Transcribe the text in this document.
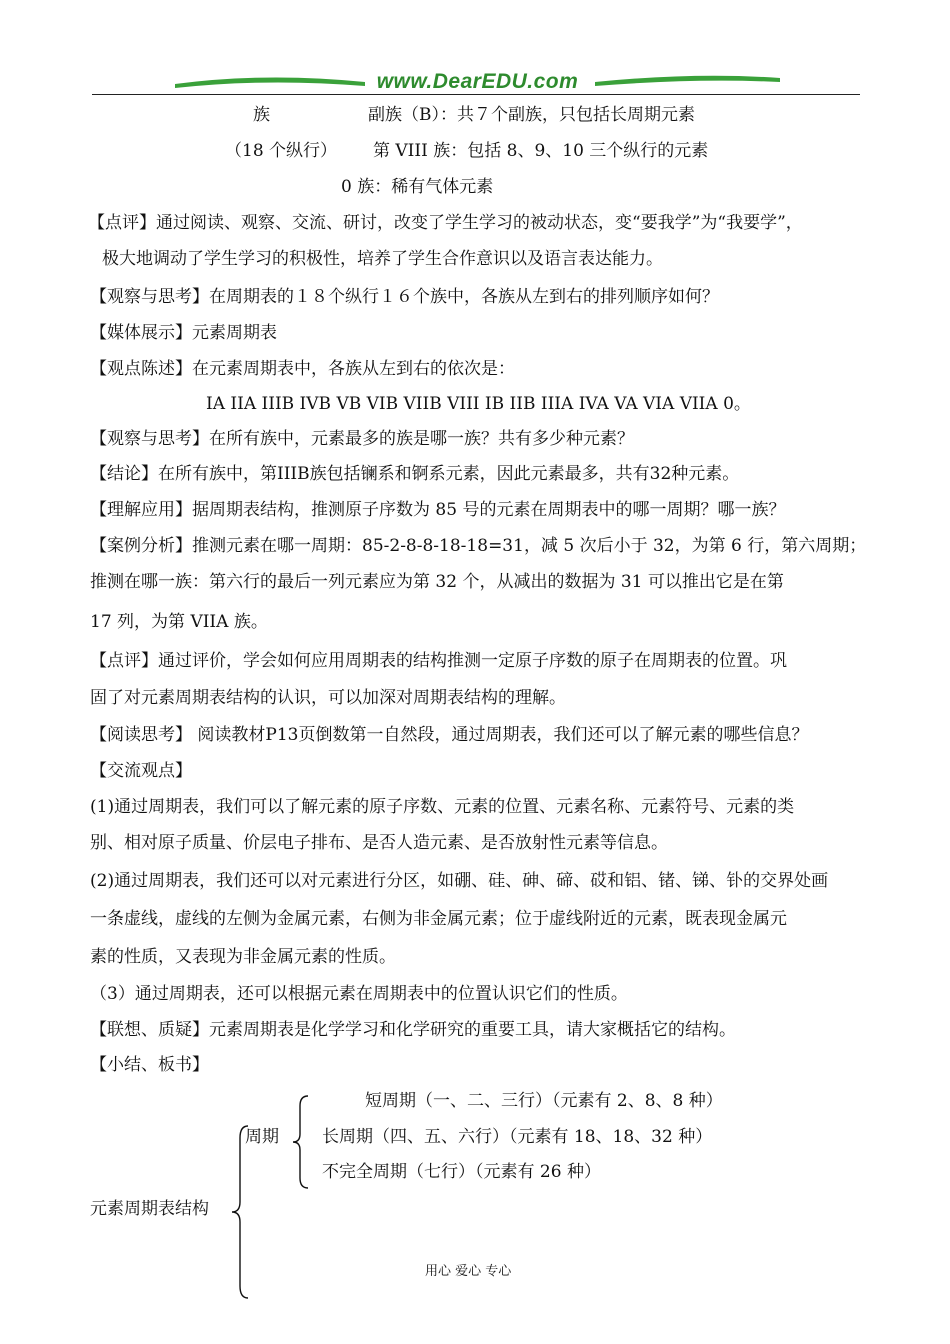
www.DearEDU.com
族	副族（B）：共７个副族，只包括长周期元素
（18 个纵行） 第 VIII 族：包括 8、9、10 三个纵行的元素
0 族：稀有气体元素
【点评】通过阅读、观察、交流、研讨，改变了学生学习的被动状态，变“要我学”为“我要学”，
极大地调动了学生学习的积极性，培养了学生合作意识以及语言表达能力。
【观察与思考】在周期表的１８个纵行１６个族中，各族从左到右的排列顺序如何？
【媒体展示】元素周期表
【观点陈述】在元素周期表中，各族从左到右的依次是：
IA IIA IIIB IVB VB VIB VIIB VIII IB IIB IIIA IVA VA VIA VIIA 0。
【观察与思考】在所有族中，元素最多的族是哪一族？共有多少种元素？
【结论】在所有族中，第IIIB族包括镧系和锕系元素，因此元素最多，共有32种元素。
【理解应用】据周期表结构，推测原子序数为 85 号的元素在周期表中的哪一周期？哪一族？
【案例分析】推测元素在哪一周期：85-2-8-8-18-18=31，减 5 次后小于 32，为第 6 行，第六周期；
推测在哪一族：第六行的最后一列元素应为第 32 个，从减出的数据为 31 可以推出它是在第
17 列，为第 VIIA 族。
【点评】通过评价，学会如何应用周期表的结构推测一定原子序数的原子在周期表的位置。巩
固了对元素周期表结构的认识，可以加深对周期表结构的理解。
【阅读思考】 阅读教材P13页倒数第一自然段，通过周期表，我们还可以了解元素的哪些信息？
【交流观点】
(1)通过周期表，我们可以了解元素的原子序数、元素的位置、元素名称、元素符号、元素的类
别、相对原子质量、价层电子排布、是否人造元素、是否放射性元素等信息。
(2)通过周期表，我们还可以对元素进行分区，如硼、硅、砷、碲、砹和铝、锗、锑、钋的交界处画
一条虚线，虚线的左侧为金属元素，右侧为非金属元素；位于虚线附近的元素，既表现金属元
素的性质，又表现为非金属元素的性质。
（3）通过周期表，还可以根据元素在周期表中的位置认识它们的性质。
【联想、质疑】元素周期表是化学学习和化学研究的重要工具，请大家概括它的结构。
【小结、板书】
短周期（一、二、三行）（元素有 2、8、8 种）
周期	长周期（四、五、六行）（元素有 18、18、32 种）
不完全周期（七行）（元素有 26 种）
元素周期表结构
用心 爱心 专心
